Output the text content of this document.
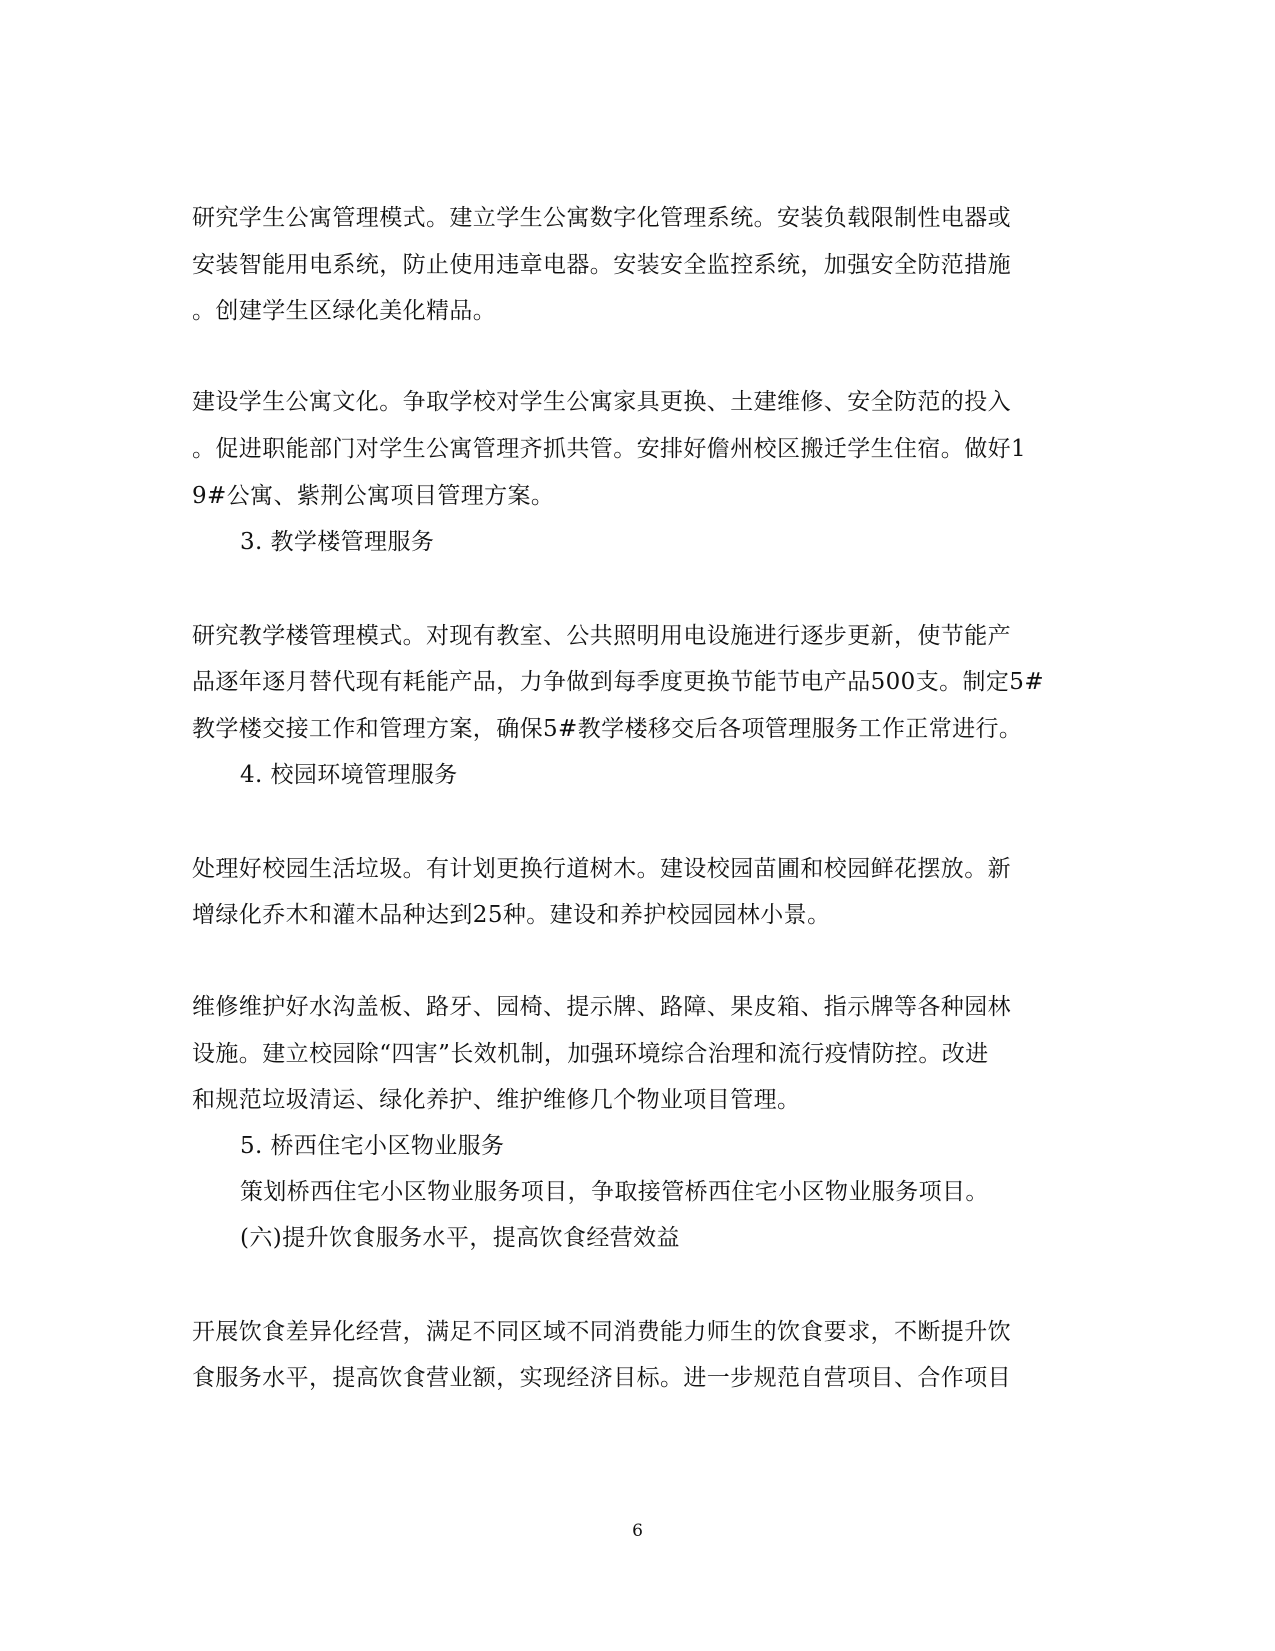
研究学生公寓管理模式。建立学生公寓数字化管理系统。安装负载限制性电器或
安装智能用电系统，防止使用违章电器。安装安全监控系统，加强安全防范措施
。创建学生区绿化美化精品。
建设学生公寓文化。争取学校对学生公寓家具更换、土建维修、安全防范的投入
。促进职能部门对学生公寓管理齐抓共管。安排好儋州校区搬迁学生住宿。做好1
9#公寓、紫荆公寓项目管理方案。
3. 教学楼管理服务
研究教学楼管理模式。对现有教室、公共照明用电设施进行逐步更新，使节能产
品逐年逐月替代现有耗能产品，力争做到每季度更换节能节电产品500支。制定5#
教学楼交接工作和管理方案，确保5#教学楼移交后各项管理服务工作正常进行。
4. 校园环境管理服务
处理好校园生活垃圾。有计划更换行道树木。建设校园苗圃和校园鲜花摆放。新
增绿化乔木和灌木品种达到25种。建设和养护校园园林小景。
维修维护好水沟盖板、路牙、园椅、提示牌、路障、果皮箱、指示牌等各种园林
设施。建立校园除“四害”长效机制，加强环境综合治理和流行疫情防控。改进
和规范垃圾清运、绿化养护、维护维修几个物业项目管理。
5. 桥西住宅小区物业服务
策划桥西住宅小区物业服务项目，争取接管桥西住宅小区物业服务项目。
(六)提升饮食服务水平，提高饮食经营效益
开展饮食差异化经营，满足不同区域不同消费能力师生的饮食要求，不断提升饮
食服务水平，提高饮食营业额，实现经济目标。进一步规范自营项目、合作项目
6
